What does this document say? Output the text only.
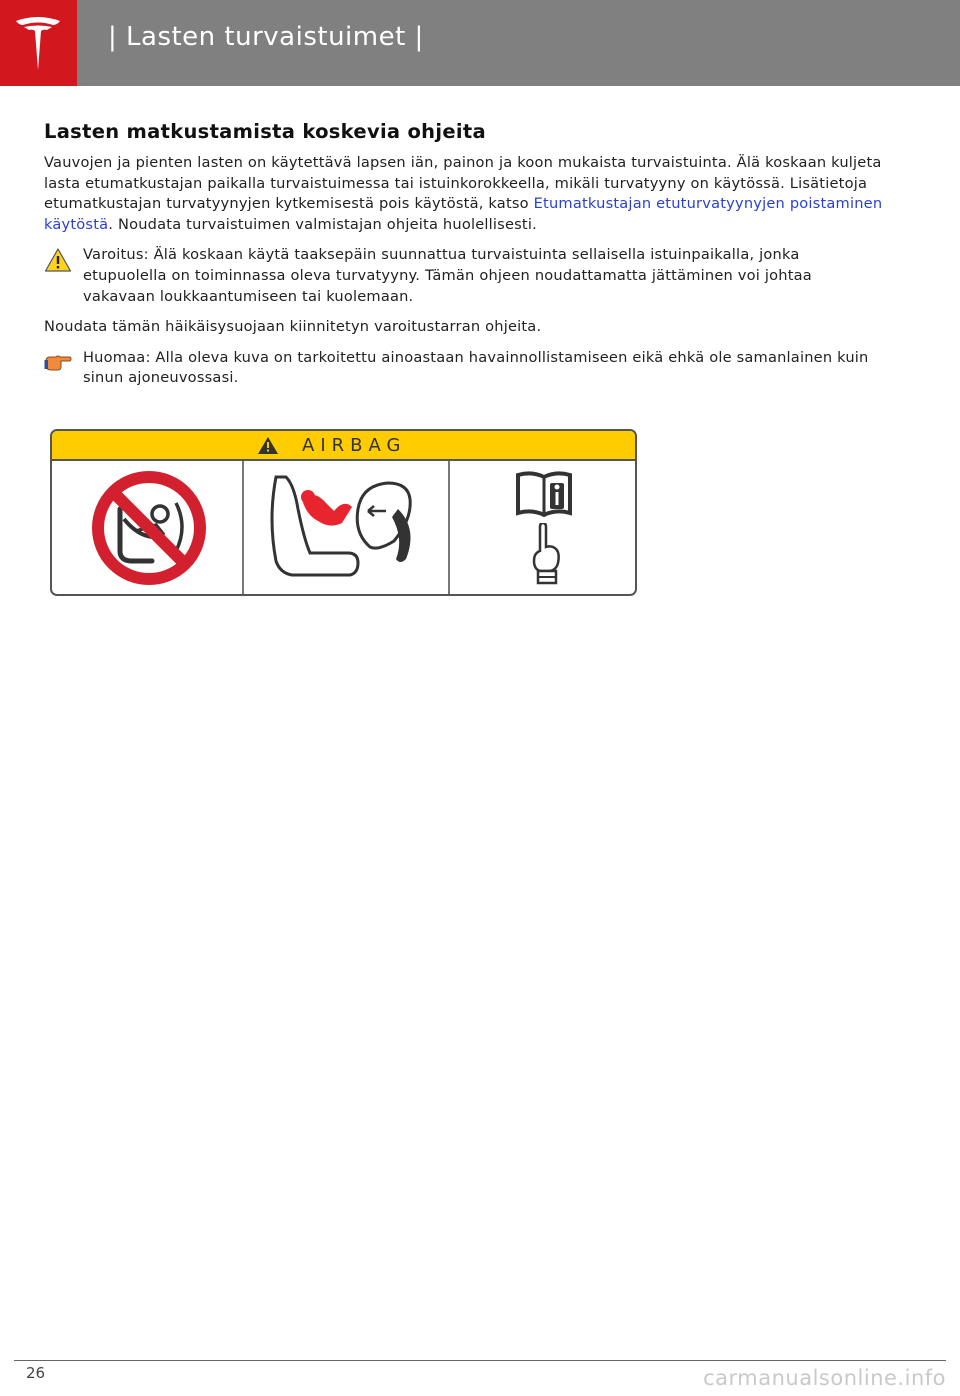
| Lasten turvaistuimet |
Lasten matkustamista koskevia ohjeita

Vauvojen ja pienten lasten on käytettävä lapsen iän, painon ja koon mukaista turvaistuinta. Älä koskaan kuljeta lasta etumatkustajan paikalla turvaistuimessa tai istuinkorokkeella, mikäli turvatyyny on käytössä. Lisätietoja etumatkustajan turvatyynyjen kytkemisestä pois käytöstä, katso Etumatkustajan etuturvatyynyjen poistaminen käytöstä. Noudata turvaistuimen valmistajan ohjeita huolellisesti.

Varoitus: Älä koskaan käytä taaksepäin suunnattua turvaistuinta sellaisella istuinpaikalla, jonka etupuolella on toiminnassa oleva turvatyyny. Tämän ohjeen noudattamatta jättäminen voi johtaa vakavaan loukkaantumiseen tai kuolemaan.

Noudata tämän häikäisysuojaan kiinnitetyn varoitustarran ohjeita.

Huomaa: Alla oleva kuva on tarkoitettu ainoastaan havainnollistamiseen eikä ehkä ole samanlainen kuin sinun ajoneuvossasi.

AIRBAG
26	carmanualsonline.info
